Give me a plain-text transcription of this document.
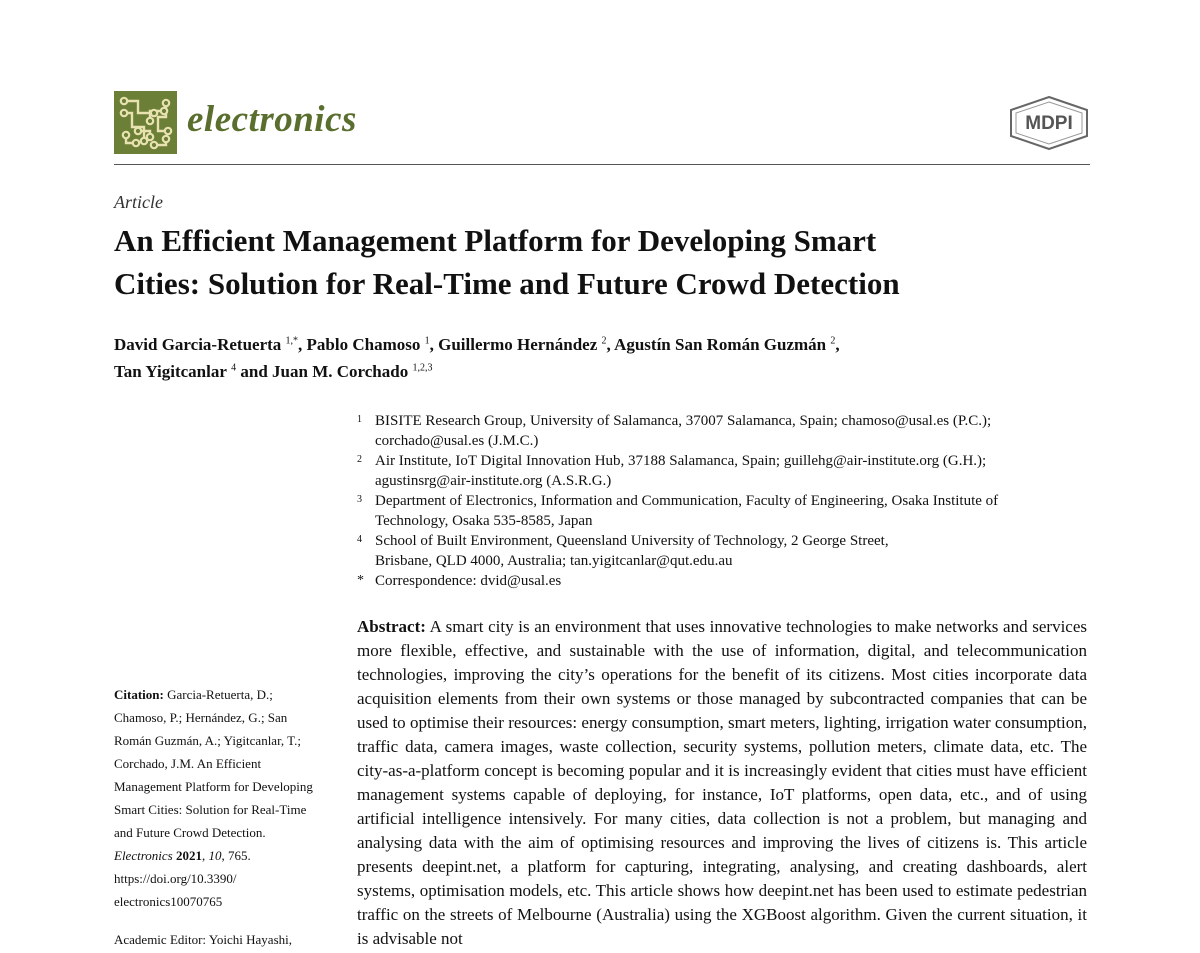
electronics	MDPI
Article
An Efficient Management Platform for Developing Smart
Cities: Solution for Real-Time and Future Crowd Detection
David Garcia-Retuerta $^{1,*}$, Pablo Chamoso $^1$, Guillermo Hernández $^2$, Agustín San Román Guzmán $^2$,
Tan Yigitcanlar $^4$ and Juan M. Corchado $^{1,2,3}$
1 BISITE Research Group, University of Salamanca, 37007 Salamanca, Spain; chamoso@usal.es (P.C.);
corchado@usal.es (J.M.C.)
2 Air Institute, IoT Digital Innovation Hub, 37188 Salamanca, Spain; guillehg@air-institute.org (G.H.);
agustinsrg@air-institute.org (A.S.R.G.)
3 Department of Electronics, Information and Communication, Faculty of Engineering, Osaka Institute of
Technology, Osaka 535-8585, Japan
4 School of Built Environment, Queensland University of Technology, 2 George Street,
Brisbane, QLD 4000, Australia; tan.yigitcanlar@qut.edu.au
* Correspondence: dvid@usal.es
Abstract: A smart city is an environment that uses innovative technologies to make networks and services more flexible, effective, and sustainable with the use of information, digital, and telecommunication technologies, improving the city’s operations for the benefit of its citizens. Most cities incorporate data acquisition elements from their own systems or those managed by subcontracted companies that can be used to optimise their resources: energy consumption, smart meters, lighting, irrigation water consumption, traffic data, camera images, waste collection, security systems, pollution meters, climate data, etc. The city-as-a-platform concept is becoming popular and it is increasingly evident that cities must have efficient management systems capable of deploying, for instance, IoT platforms, open data, etc., and of using artificial intelligence intensively. For many cities, data collection is not a problem, but managing and analysing data with the aim of optimising resources and improving the lives of citizens is. This article presents deepint.net, a platform for capturing, integrating, analysing, and creating dashboards, alert systems, optimisation models, etc. This article shows how deepint.net has been used to estimate pedestrian traffic on the streets of Melbourne (Australia) using the XGBoost algorithm. Given the current situation, it is advisable not
Citation: Garcia-Retuerta, D.; Chamoso, P.; Hernández, G.; San Román Guzmán, A.; Yigitcanlar, T.; Corchado, J.M. An Efficient Management Platform for Developing Smart Cities: Solution for Real-Time and Future Crowd Detection. Electronics 2021, 10, 765. https://doi.org/10.3390/ electronics10070765
Academic Editor: Yoichi Hayashi,
